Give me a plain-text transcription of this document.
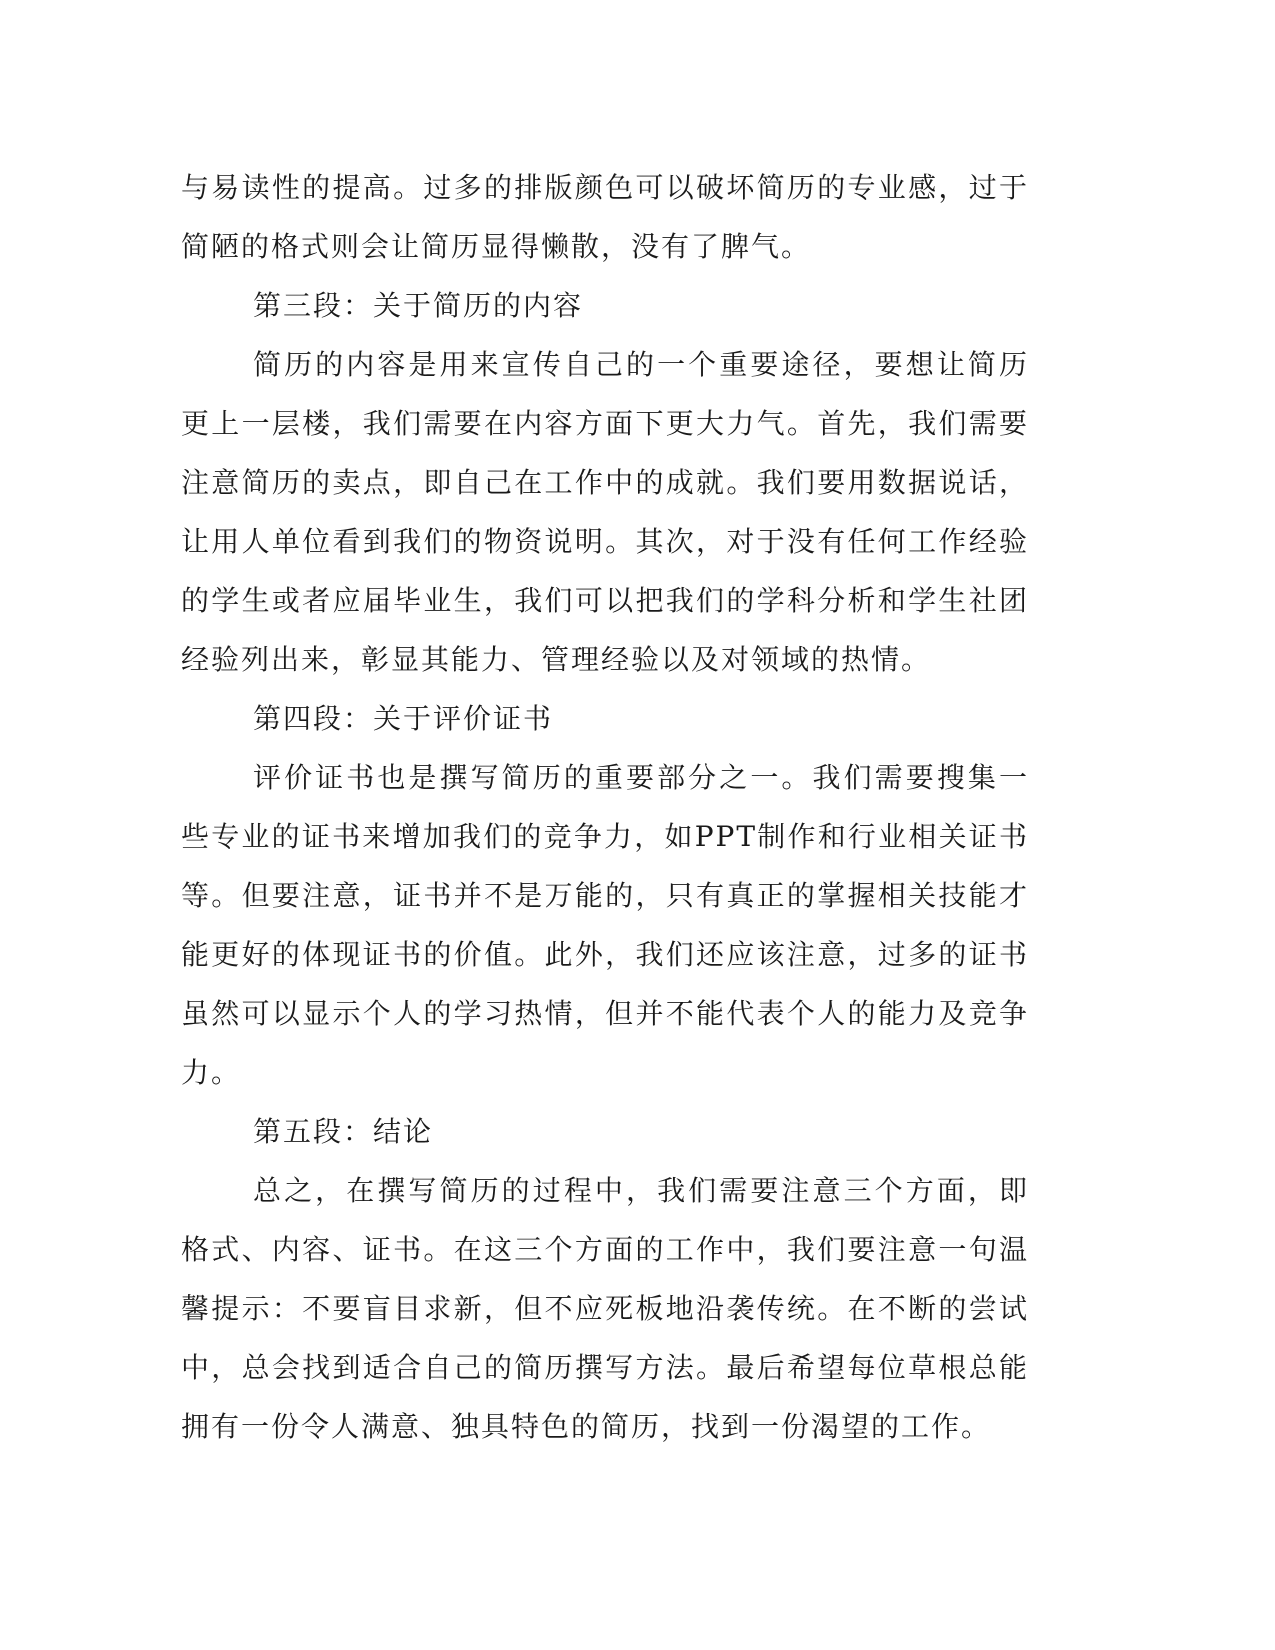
与易读性的提高。过多的排版颜色可以破坏简历的专业感，过于简陋的格式则会让简历显得懒散，没有了脾气。

第三段：关于简历的内容

简历的内容是用来宣传自己的一个重要途径，要想让简历更上一层楼，我们需要在内容方面下更大力气。首先，我们需要注意简历的卖点，即自己在工作中的成就。我们要用数据说话，让用人单位看到我们的物资说明。其次，对于没有任何工作经验的学生或者应届毕业生，我们可以把我们的学科分析和学生社团经验列出来，彰显其能力、管理经验以及对领域的热情。

第四段：关于评价证书

评价证书也是撰写简历的重要部分之一。我们需要搜集一些专业的证书来增加我们的竞争力，如PPT制作和行业相关证书等。但要注意，证书并不是万能的，只有真正的掌握相关技能才能更好的体现证书的价值。此外，我们还应该注意，过多的证书虽然可以显示个人的学习热情，但并不能代表个人的能力及竞争力。

第五段：结论

总之，在撰写简历的过程中，我们需要注意三个方面，即格式、内容、证书。在这三个方面的工作中，我们要注意一句温馨提示：不要盲目求新，但不应死板地沿袭传统。在不断的尝试中，总会找到适合自己的简历撰写方法。最后希望每位草根总能拥有一份令人满意、独具特色的简历，找到一份渴望的工作。
